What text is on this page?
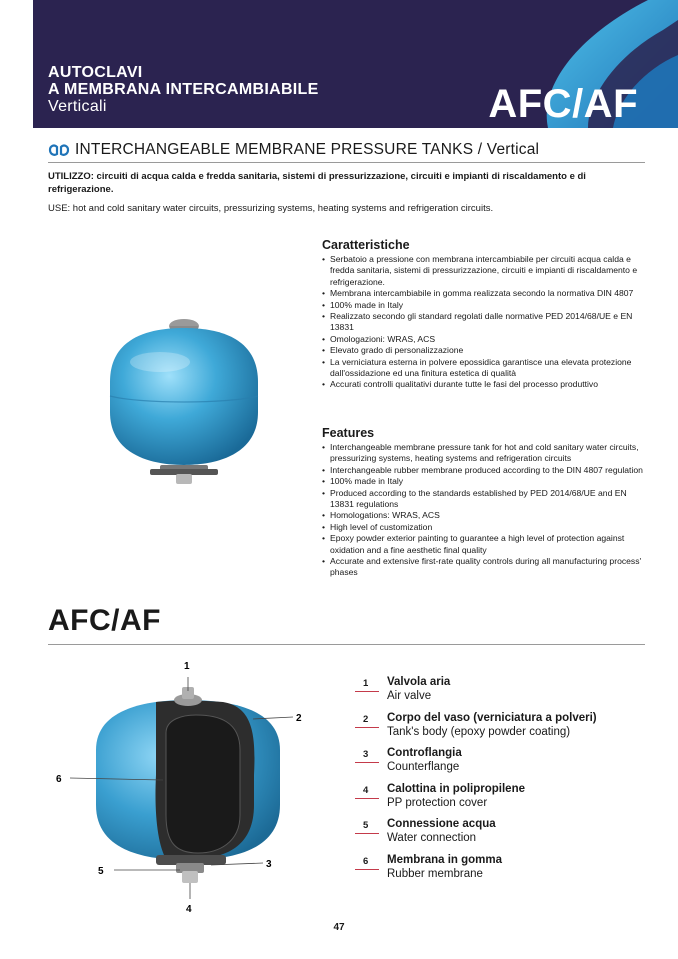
AUTOCLAVI
A MEMBRANA INTERCAMBIABILE
Verticali	AFC/AF
INTERCHANGEABLE MEMBRANE PRESSURE TANKS / Vertical
UTILIZZO: circuiti di acqua calda e fredda sanitaria, sistemi di pressurizzazione, circuiti e impianti di riscaldamento e di refrigerazione.
USE: hot and cold sanitary water circuits, pressurizing systems, heating systems and refrigeration circuits.
Caratteristiche
• Serbatoio a pressione con membrana intercambiabile per circuiti acqua calda e fredda sanitaria, sistemi di pressurizzazione, circuiti e impianti di riscaldamento e refrigerazione.
• Membrana intercambiabile in gomma realizzata secondo la normativa DIN 4807
• 100% made in Italy
• Realizzato secondo gli standard regolati dalle normative PED 2014/68/UE e EN 13831
• Omologazioni: WRAS, ACS
• Elevato grado di personalizzazione
• La verniciatura esterna in polvere epossidica garantisce una elevata protezione dall'ossidazione ed una finitura estetica di qualità
• Accurati controlli qualitativi durante tutte le fasi del processo produttivo
Features
• Interchangeable membrane pressure tank for hot and cold sanitary water circuits, pressurizing systems, heating systems and refrigeration circuits
• Interchangeable rubber membrane produced according to the DIN 4807 regulation
• 100% made in Italy
• Produced according to the standards established by PED 2014/68/UE and EN 13831 regulations
• Homologations: WRAS, ACS
• High level of customization
• Epoxy powder exterior painting to guarantee a high level of protection against oxidation and a fine aesthetic final quality
• Accurate and extensive first-rate quality controls during all manufacturing process' phases
AFC/AF
1
2
6
3
5
4
1 Valvola aria
Air valve
2 Corpo del vaso (verniciatura a polveri)
Tank's body (epoxy powder coating)
3 Controflangia
Counterflange
4 Calottina in polipropilene
PP protection cover
5 Connessione acqua
Water connection
6 Membrana in gomma
Rubber membrane
47
